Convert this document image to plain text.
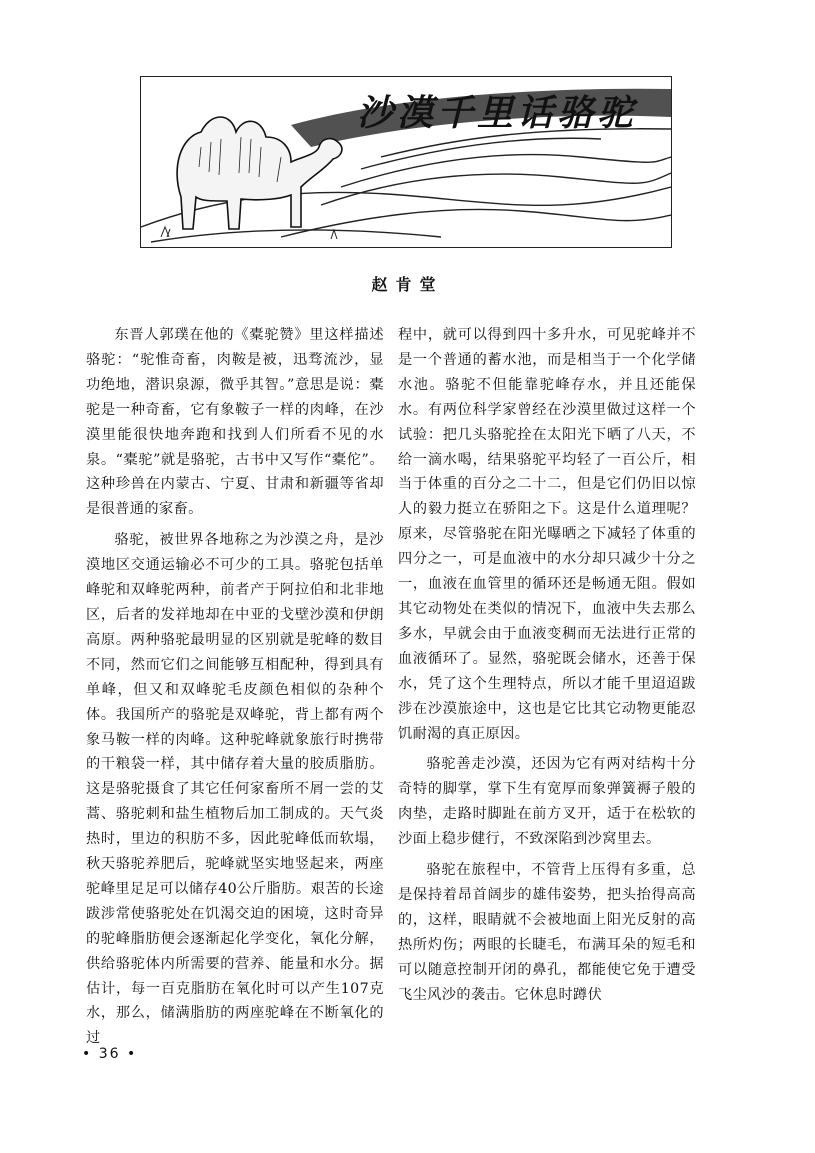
沙漠千里话骆驼
赵肯堂

东晋人郭璞在他的《橐驼赞》里这样描述骆驼：“驼惟奇畜，肉鞍是被，迅骛流沙，显功绝地，潜识泉源，微乎其智。”意思是说：橐驼是一种奇畜，它有象鞍子一样的肉峰，在沙漠里能很快地奔跑和找到人们所看不见的水泉。“橐驼”就是骆驼，古书中又写作“橐佗”。这种珍兽在内蒙古、宁夏、甘肃和新疆等省却是很普通的家畜。

骆驼，被世界各地称之为沙漠之舟，是沙漠地区交通运输必不可少的工具。骆驼包括单峰驼和双峰驼两种，前者产于阿拉伯和北非地区，后者的发祥地却在中亚的戈壁沙漠和伊朗高原。两种骆驼最明显的区别就是驼峰的数目不同，然而它们之间能够互相配种，得到具有单峰，但又和双峰驼毛皮颜色相似的杂种个体。我国所产的骆驼是双峰驼，背上都有两个象马鞍一样的肉峰。这种驼峰就象旅行时携带的干粮袋一样，其中储存着大量的胶质脂肪。这是骆驼摄食了其它任何家畜所不屑一尝的艾蒿、骆驼刺和盐生植物后加工制成的。天气炎热时，里边的积肪不多，因此驼峰低而软塌，秋天骆驼养肥后，驼峰就坚实地竖起来，两座驼峰里足足可以储存40公斤脂肪。艰苦的长途跋涉常使骆驼处在饥渴交迫的困境，这时奇异的驼峰脂肪便会逐渐起化学变化，氧化分解，供给骆驼体内所需要的营养、能量和水分。据估计，每一百克脂肪在氧化时可以产生107克水，那么，储满脂肪的两座驼峰在不断氧化的过

程中，就可以得到四十多升水，可见驼峰并不是一个普通的蓄水池，而是相当于一个化学储水池。骆驼不但能靠驼峰存水，并且还能保水。有两位科学家曾经在沙漠里做过这样一个试验：把几头骆驼拴在太阳光下晒了八天，不给一滴水喝，结果骆驼平均轻了一百公斤，相当于体重的百分之二十二，但是它们仍旧以惊人的毅力挺立在骄阳之下。这是什么道理呢？原来，尽管骆驼在阳光曝晒之下减轻了体重的四分之一，可是血液中的水分却只减少十分之一，血液在血管里的循环还是畅通无阻。假如其它动物处在类似的情况下，血液中失去那么多水，早就会由于血液变稠而无法进行正常的血液循环了。显然，骆驼既会储水，还善于保水，凭了这个生理特点，所以才能千里迢迢跋涉在沙漠旅途中，这也是它比其它动物更能忍饥耐渴的真正原因。

骆驼善走沙漠，还因为它有两对结构十分奇特的脚掌，掌下生有宽厚而象弹簧褥子般的肉垫，走路时脚趾在前方叉开，适于在松软的沙面上稳步健行，不致深陷到沙窝里去。

骆驼在旅程中，不管背上压得有多重，总是保持着昂首阔步的雄伟姿势，把头抬得高高的，这样，眼睛就不会被地面上阳光反射的高热所灼伤；两眼的长睫毛，布满耳朵的短毛和可以随意控制开闭的鼻孔，都能使它免于遭受飞尘风沙的袭击。它休息时蹲伏

• 36 •
